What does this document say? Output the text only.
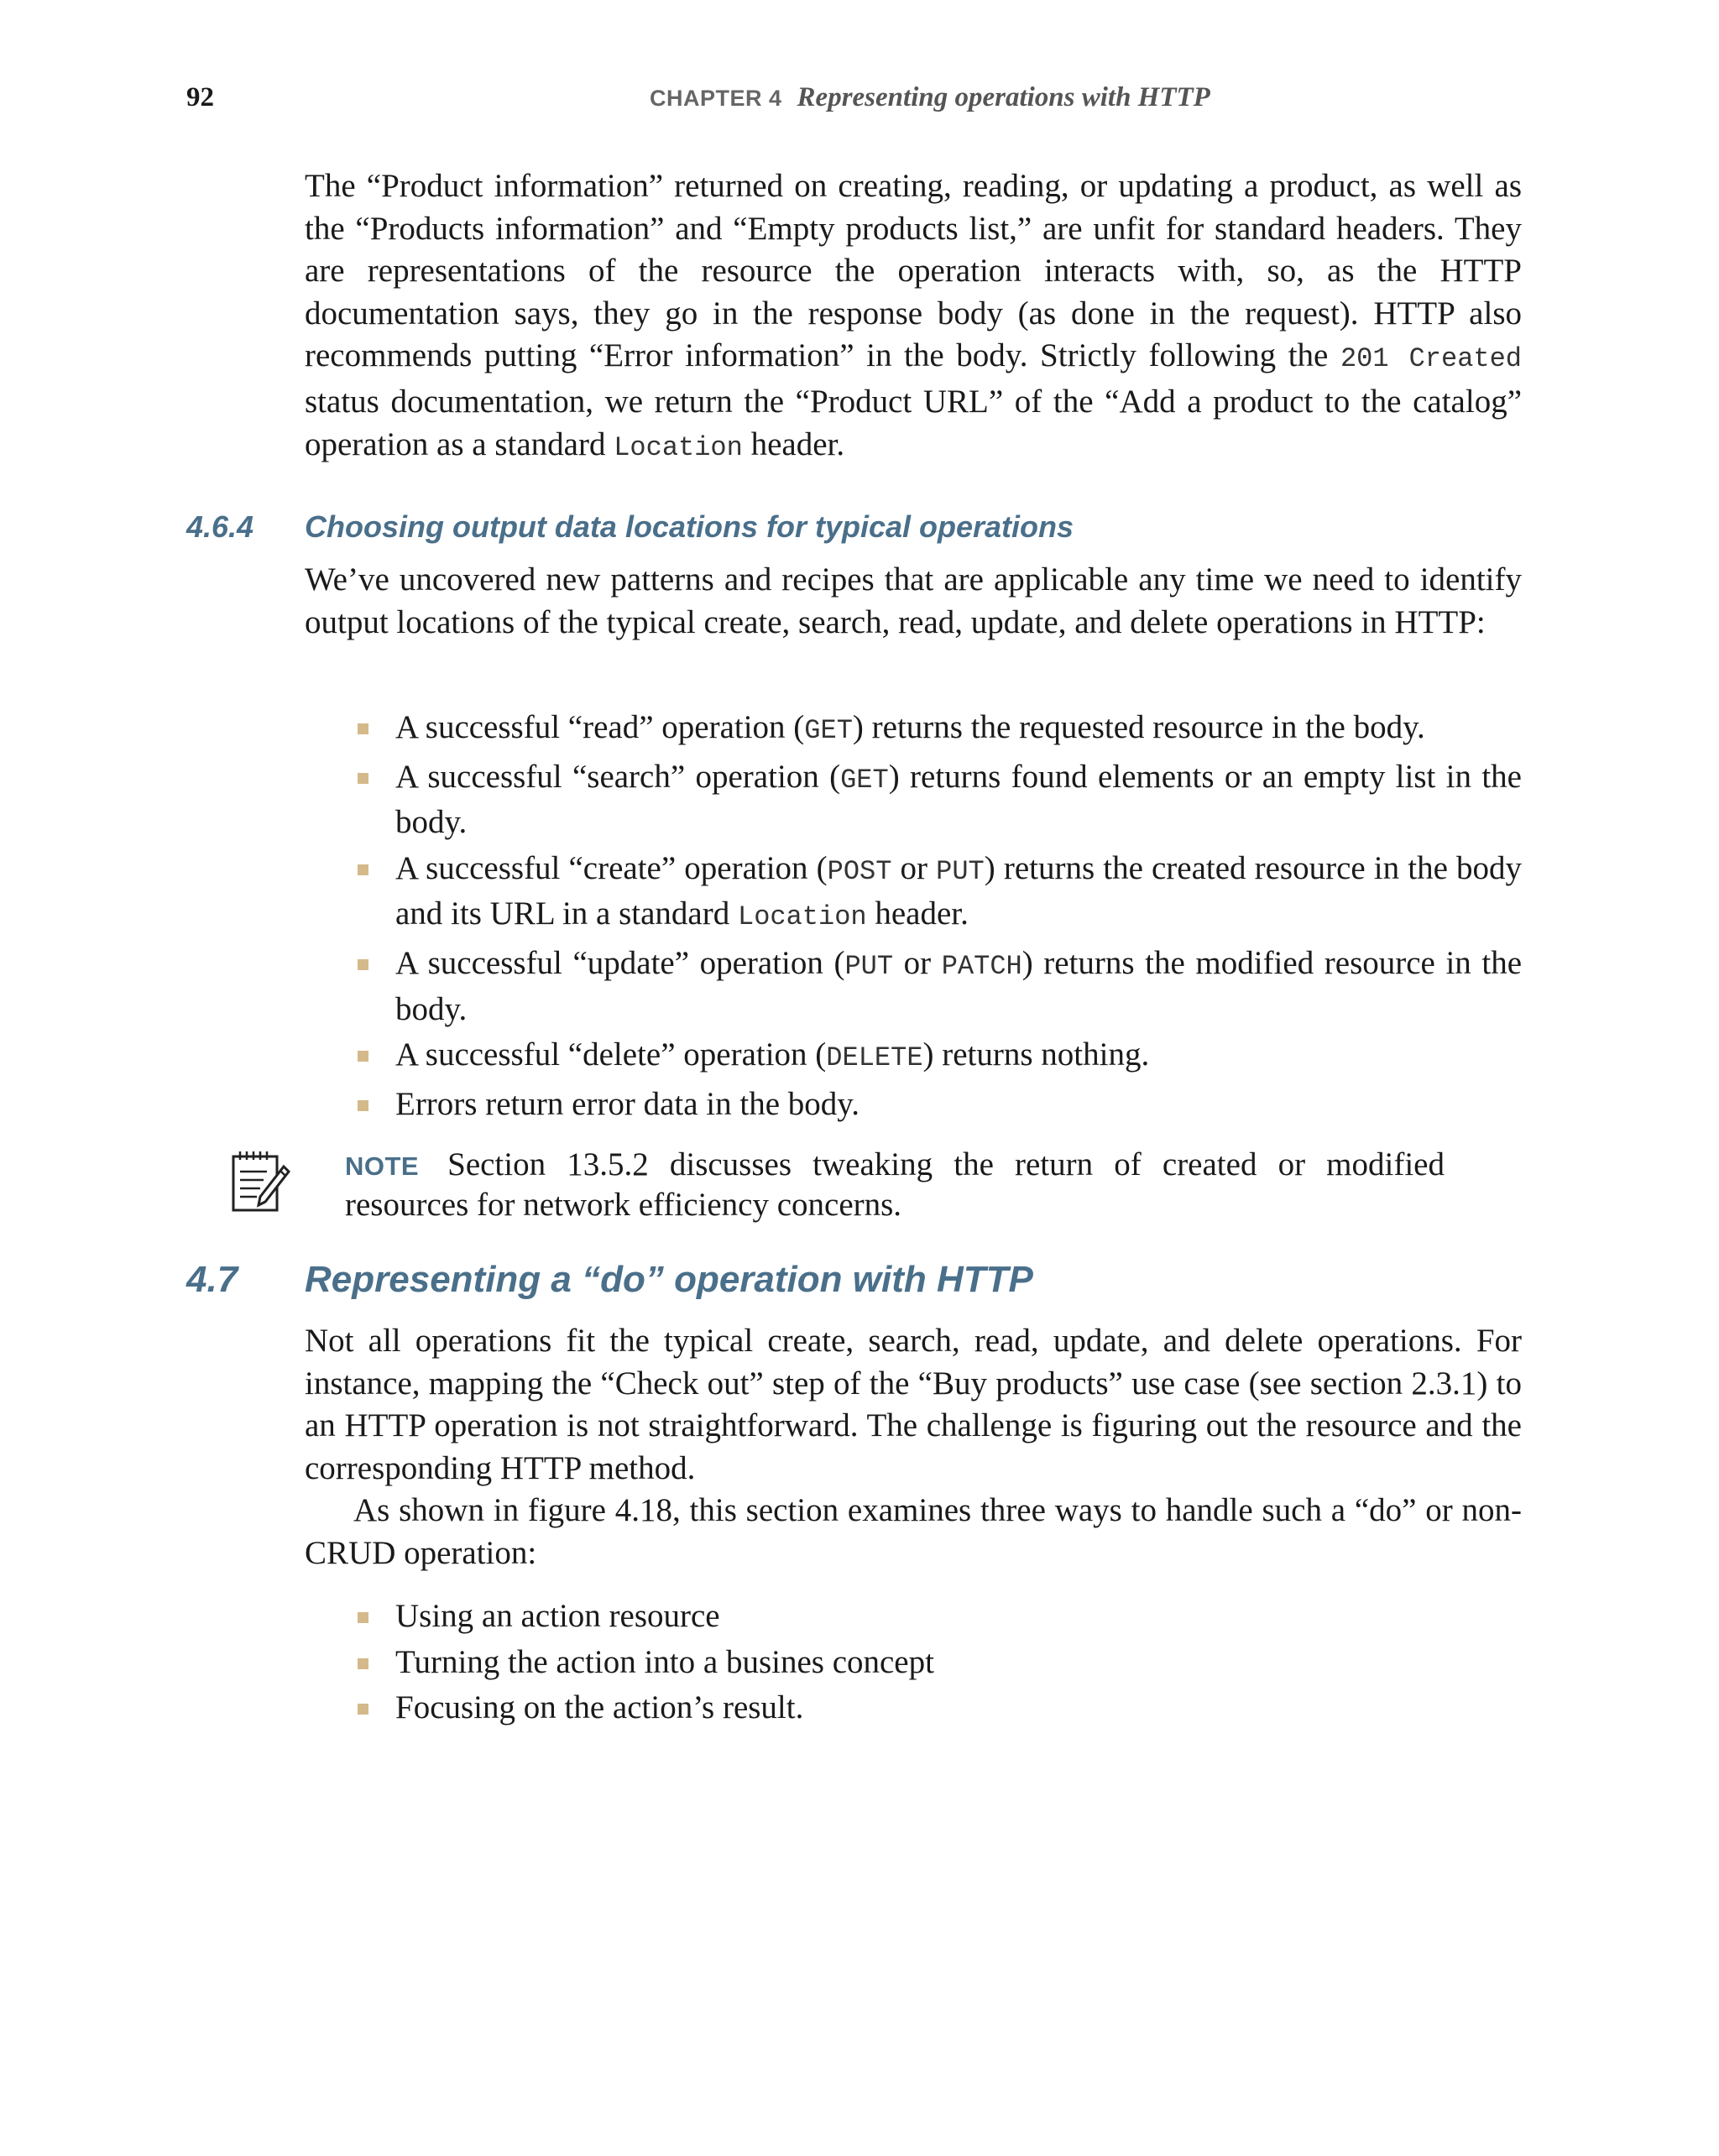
92	CHAPTER 4 Representing operations with HTTP

The “Product information” returned on creating, reading, or updating a product, as well as the “Products information” and “Empty products list,” are unfit for standard headers. They are representations of the resource the operation interacts with, so, as the HTTP documentation says, they go in the response body (as done in the request). HTTP also recommends putting “Error information” in the body. Strictly following the 201 Created status documentation, we return the “Product URL” of the “Add a product to the catalog” operation as a standard Location header.

4.6.4 Choosing output data locations for typical operations

We’ve uncovered new patterns and recipes that are applicable any time we need to identify output locations of the typical create, search, read, update, and delete operations in HTTP:

A successful “read” operation (GET) returns the requested resource in the body.
A successful “search” operation (GET) returns found elements or an empty list in the body.
A successful “create” operation (POST or PUT) returns the created resource in the body and its URL in a standard Location header.
A successful “update” operation (PUT or PATCH) returns the modified resource in the body.
A successful “delete” operation (DELETE) returns nothing.
Errors return error data in the body.

NOTE Section 13.5.2 discusses tweaking the return of created or modified resources for network efficiency concerns.

4.7 Representing a “do” operation with HTTP

Not all operations fit the typical create, search, read, update, and delete operations. For instance, mapping the “Check out” step of the “Buy products” use case (see section 2.3.1) to an HTTP operation is not straightforward. The challenge is figuring out the resource and the corresponding HTTP method.

As shown in figure 4.18, this section examines three ways to handle such a “do” or non-CRUD operation:

Using an action resource
Turning the action into a busines concept
Focusing on the action’s result.
